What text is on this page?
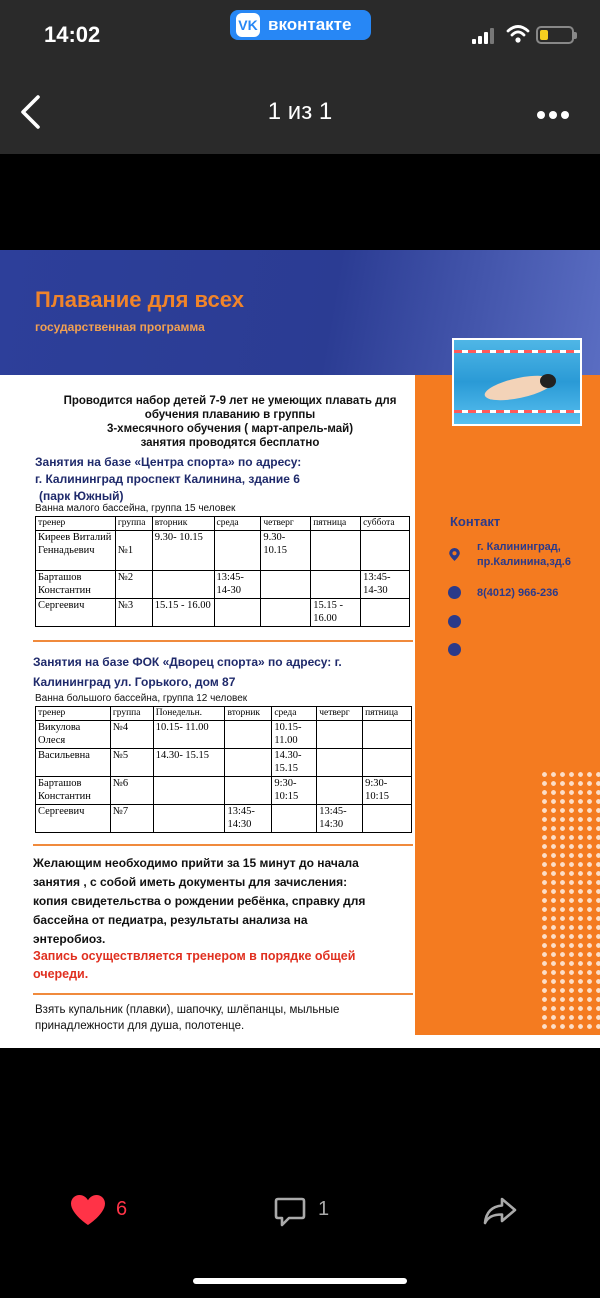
14:02	VK вконтакте
1 из 1
Плавание для всех
государственная программа
Контакт
г. Калининград,
пр.Калинина,зд.6
8(4012) 966-236
Проводится набор детей 7-9 лет не умеющих плавать для
обучения плаванию в группы
3-хмесячного обучения ( март-апрель-май)
занятия проводятся бесплатно
Занятия на базе «Центра спорта» по адресу:
г. Калининград проспект Калинина, здание 6
(парк Южный)
Ванна малого бассейна, группа 15 человек
тренер	группа	вторник	среда	четверг	пятница	суббота
Киреев Виталий Геннадьевич	№1	9.30- 10.15		9.30- 10.15		
Барташов Константин	№2		13:45- 14-30			13:45- 14-30
Сергеевич	№3	15.15 - 16.00			15.15 - 16.00	
Занятия на базе ФОК «Дворец спорта» по адресу: г.
Калининград ул. Горького, дом 87
Ванна большого бассейна, группа 12 человек
тренер	группа	Понедельн.	вторник	среда	четверг	пятница
Викулова Олеся	№4	10.15- 11.00		10.15- 11.00		
Васильевна	№5	14.30- 15.15		14.30- 15.15		
Барташов Константин	№6			9:30- 10:15		9:30- 10:15
Сергеевич	№7		13:45- 14:30		13:45- 14:30	
Желающим необходимо прийти за 15 минут до начала
занятия , с собой иметь документы для зачисления:
копия свидетельства о рождении ребёнка, справку для
бассейна от педиатра, результаты анализа на
энтеробиоз.
Запись осуществляется тренером в порядке общей
очереди.
Взять купальник (плавки), шапочку, шлёпанцы, мыльные
принадлежности для душа, полотенце.
6	1
